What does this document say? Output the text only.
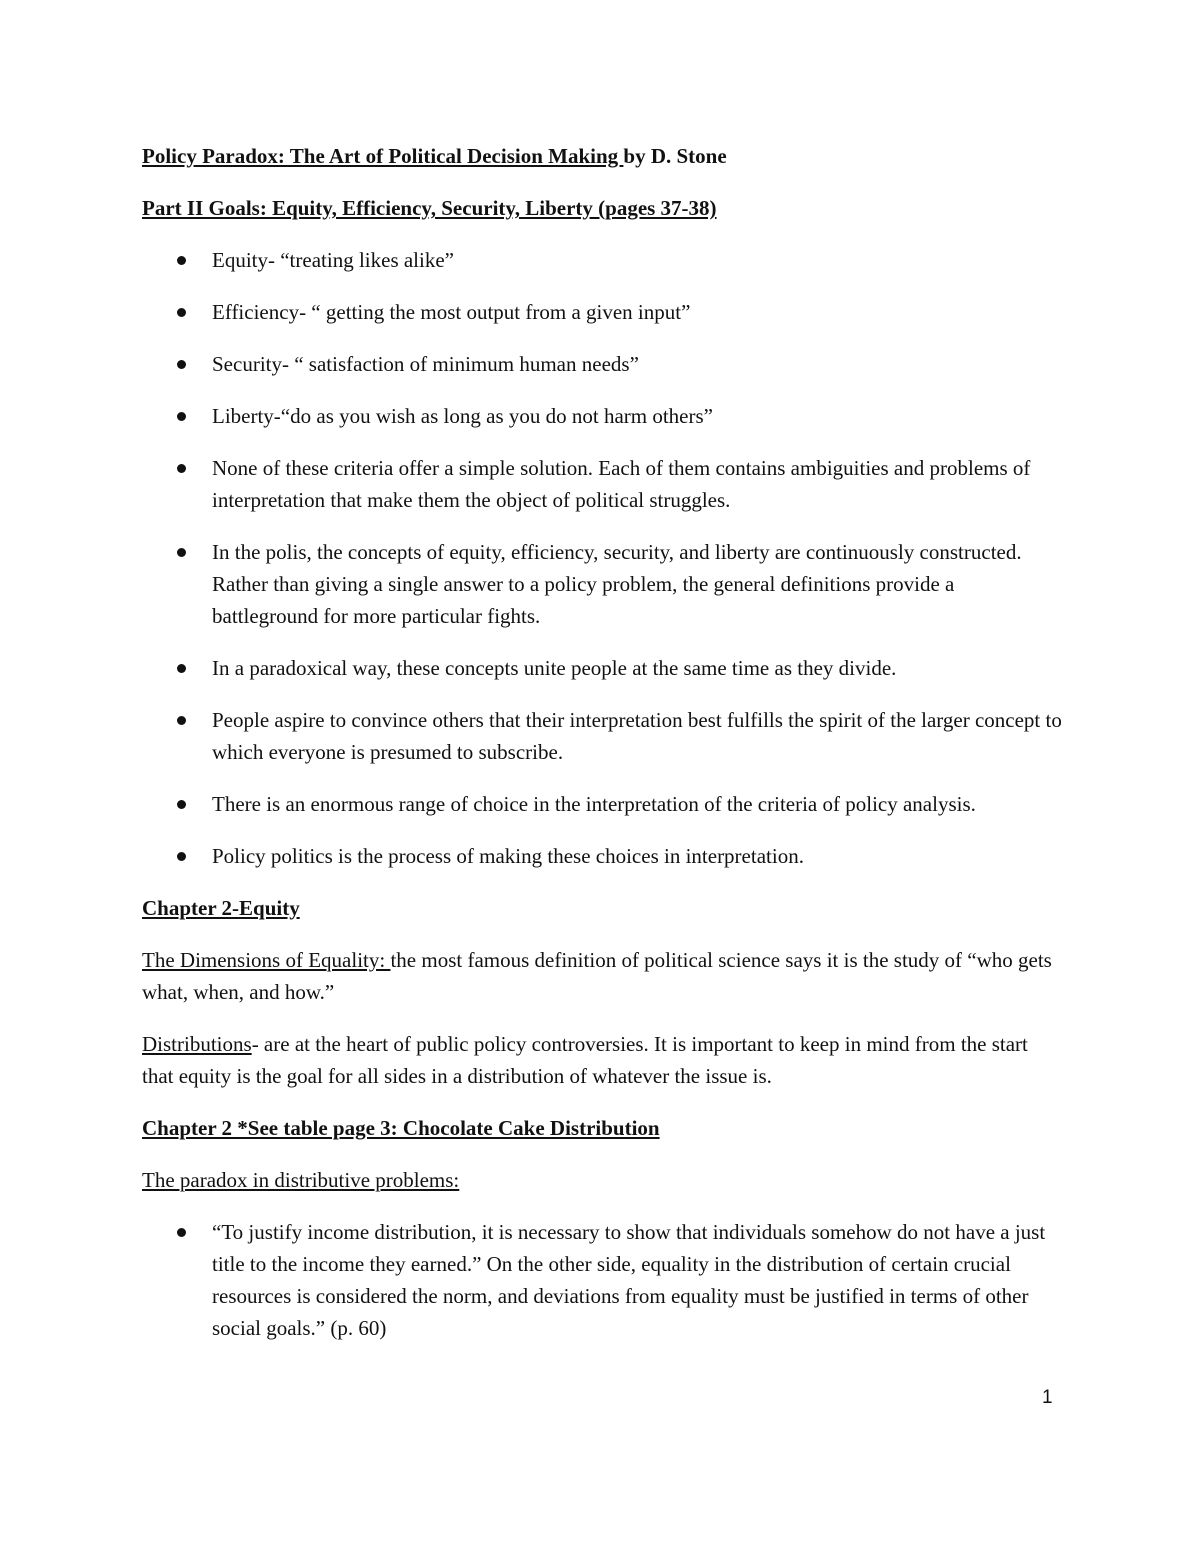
Policy Paradox: The Art of Political Decision Making by D. Stone
Part II Goals: Equity, Efficiency, Security, Liberty (pages 37-38)
Equity- “treating likes alike”
Efficiency- “ getting the most output from a given input”
Security- “ satisfaction of minimum human needs”
Liberty-“do as you wish as long as you do not harm others”
None of these criteria offer a simple solution. Each of them contains ambiguities and problems of interpretation that make them the object of political struggles.
In the polis, the concepts of equity, efficiency, security, and liberty are continuously constructed. Rather than giving a single answer to a policy problem, the general definitions provide a battleground for more particular fights.
In a paradoxical way, these concepts unite people at the same time as they divide.
People aspire to convince others that their interpretation best fulfills the spirit of the larger concept to which everyone is presumed to subscribe.
There is an enormous range of choice in the interpretation of the criteria of policy analysis.
Policy politics is the process of making these choices in interpretation.
Chapter 2-Equity
The Dimensions of Equality: the most famous definition of political science says it is the study of “who gets what, when, and how.”
Distributions- are at the heart of public policy controversies. It is important to keep in mind from the start that equity is the goal for all sides in a distribution of whatever the issue is.
Chapter 2 *See table page 3: Chocolate Cake Distribution
The paradox in distributive problems:
“To justify income distribution, it is necessary to show that individuals somehow do not have a just title to the income they earned.” On the other side, equality in the distribution of certain crucial resources is considered the norm, and deviations from equality must be justified in terms of other social goals.” (p. 60)
1
